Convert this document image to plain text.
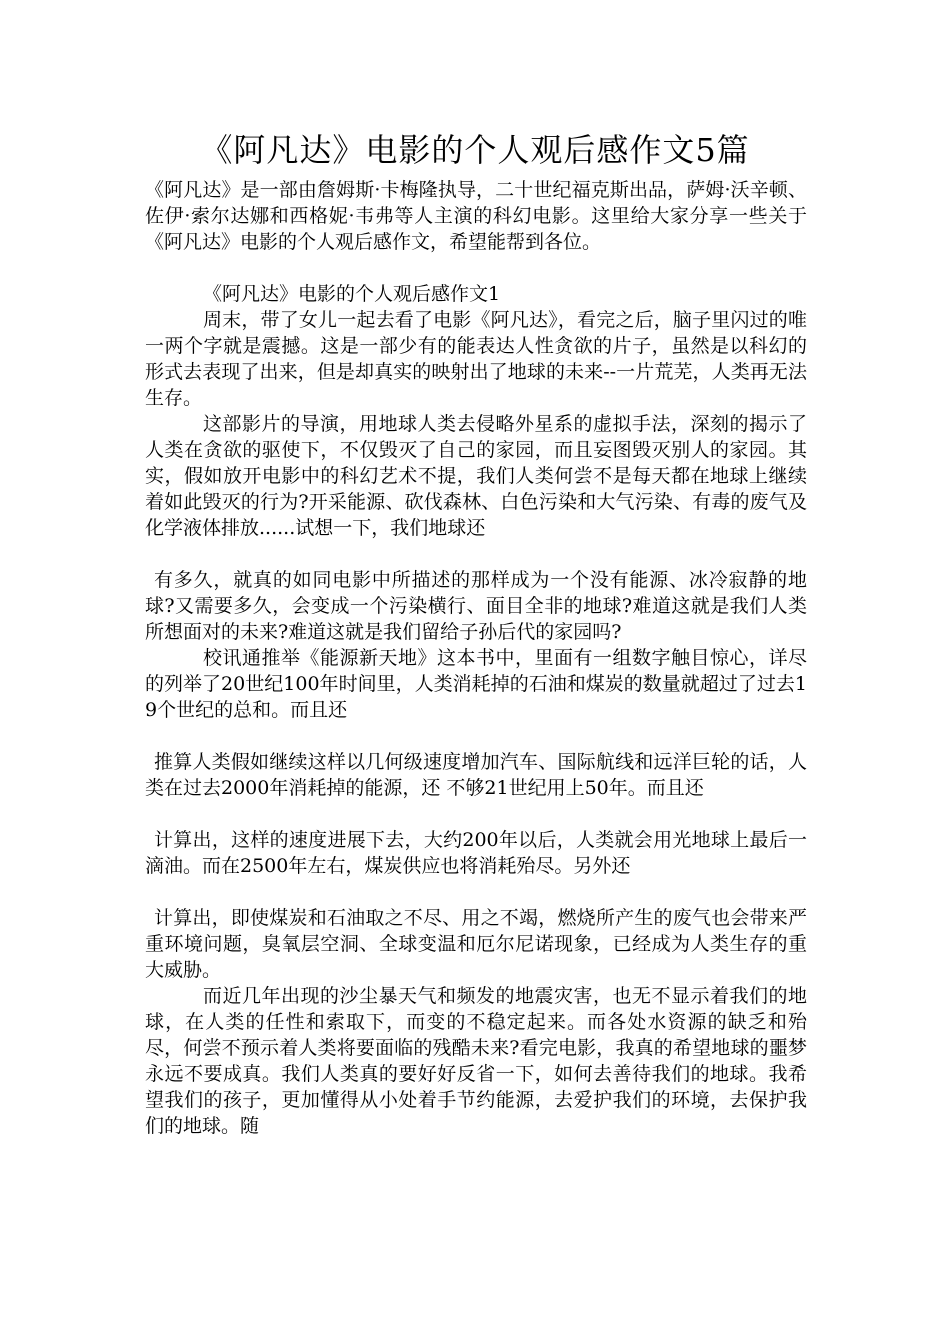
《阿凡达》电影的个人观后感作文5篇

《阿凡达》是一部由詹姆斯·卡梅隆执导，二十世纪福克斯出品，萨姆·沃辛顿、佐伊·索尔达娜和西格妮·韦弗等人主演的科幻电影。这里给大家分享一些关于《阿凡达》电影的个人观后感作文，希望能帮到各位。

《阿凡达》电影的个人观后感作文1

周末，带了女儿一起去看了电影《阿凡达》，看完之后，脑子里闪过的唯一两个字就是震撼。这是一部少有的能表达人性贪欲的片子，虽然是以科幻的形式去表现了出来，但是却真实的映射出了地球的未来--一片荒芜，人类再无法生存。

这部影片的导演，用地球人类去侵略外星系的虚拟手法，深刻的揭示了人类在贪欲的驱使下，不仅毁灭了自己的家园，而且妄图毁灭别人的家园。其实，假如放开电影中的科幻艺术不提，我们人类何尝不是每天都在地球上继续着如此毁灭的行为?开采能源、砍伐森林、白色污染和大气污染、有毒的废气及化学液体排放......试想一下，我们地球还

有多久，就真的如同电影中所描述的那样成为一个没有能源、冰冷寂静的地球?又需要多久，会变成一个污染横行、面目全非的地球?难道这就是我们人类所想面对的未来?难道这就是我们留给子孙后代的家园吗?

校讯通推举《能源新天地》这本书中，里面有一组数字触目惊心，详尽的列举了20世纪100年时间里，人类消耗掉的石油和煤炭的数量就超过了过去19个世纪的总和。而且还

推算人类假如继续这样以几何级速度增加汽车、国际航线和远洋巨轮的话，人类在过去2000年消耗掉的能源，还 不够21世纪用上50年。而且还

计算出，这样的速度进展下去，大约200年以后，人类就会用光地球上最后一滴油。而在2500年左右，煤炭供应也将消耗殆尽。另外还

计算出，即使煤炭和石油取之不尽、用之不竭，燃烧所产生的废气也会带来严重环境问题，臭氧层空洞、全球变温和厄尔尼诺现象，已经成为人类生存的重大威胁。

而近几年出现的沙尘暴天气和频发的地震灾害，也无不显示着我们的地球，在人类的任性和索取下，而变的不稳定起来。而各处水资源的缺乏和殆尽，何尝不预示着人类将要面临的残酷未来?看完电影，我真的希望地球的噩梦永远不要成真。我们人类真的要好好反省一下，如何去善待我们的地球。我希望我们的孩子，更加懂得从小处着手节约能源，去爱护我们的环境，去保护我们的地球。随
